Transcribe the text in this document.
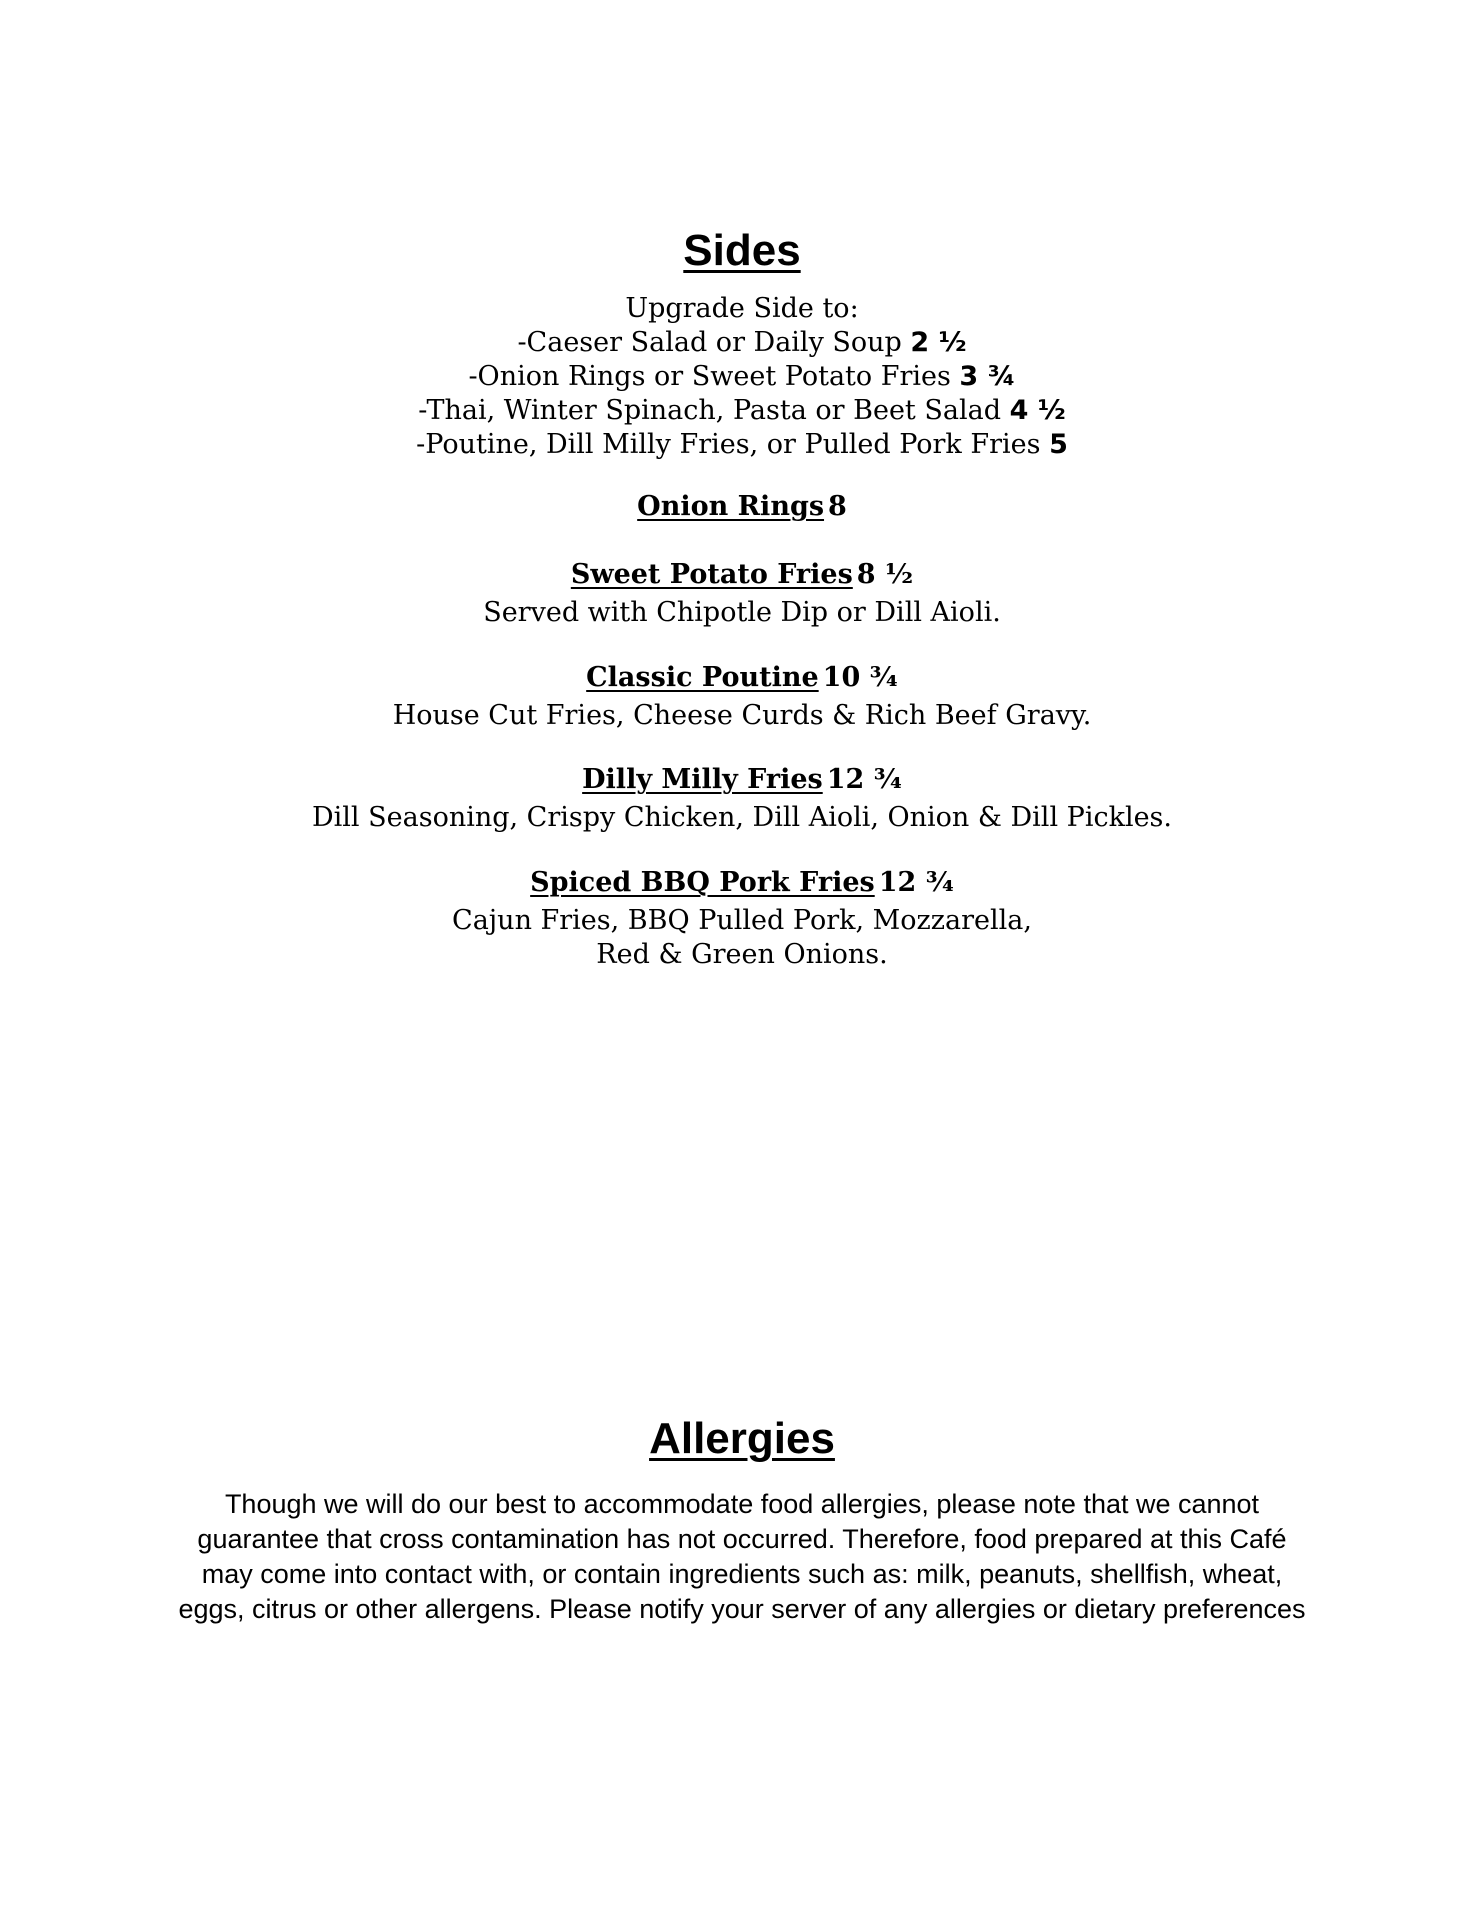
Sides
Upgrade Side to:
-Caeser Salad or Daily Soup 2 ½
-Onion Rings or Sweet Potato Fries 3 ¾
-Thai, Winter Spinach, Pasta or Beet Salad 4 ½
-Poutine, Dill Milly Fries, or Pulled Pork Fries 5
Onion Rings 8
Sweet Potato Fries 8 ½
Served with Chipotle Dip or Dill Aioli.
Classic Poutine 10 ¾
House Cut Fries, Cheese Curds & Rich Beef Gravy.
Dilly Milly Fries 12 ¾
Dill Seasoning, Crispy Chicken, Dill Aioli, Onion & Dill Pickles.
Spiced BBQ Pork Fries 12 ¾
Cajun Fries, BBQ Pulled Pork, Mozzarella,
Red & Green Onions.
Allergies

Though we will do our best to accommodate food allergies, please note that we cannot guarantee that cross contamination has not occurred. Therefore, food prepared at this Café may come into contact with, or contain ingredients such as: milk, peanuts, shellfish, wheat, eggs, citrus or other allergens. Please notify your server of any allergies or dietary preferences
